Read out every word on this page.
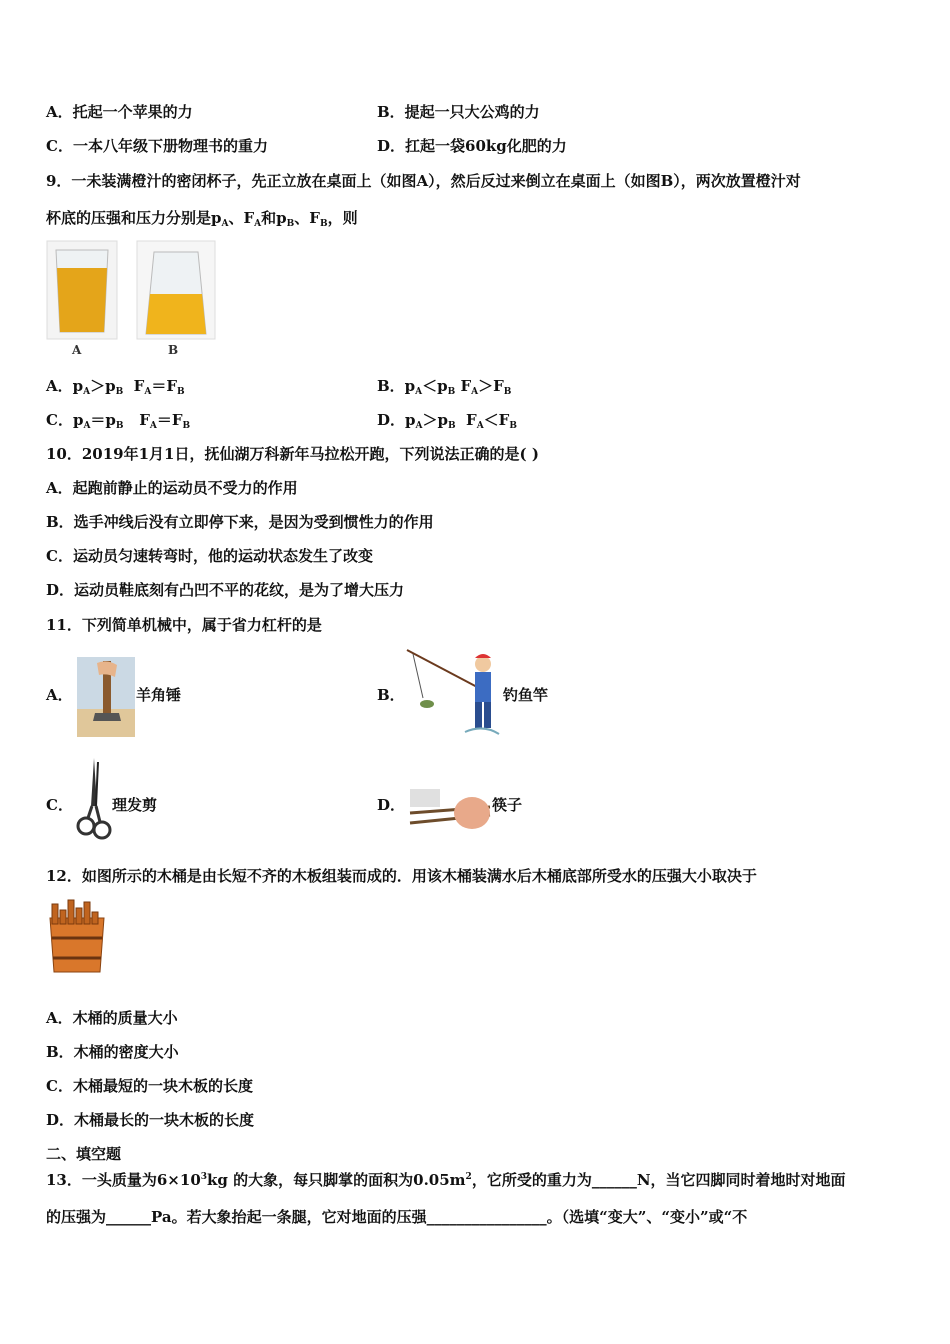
A．托起一个苹果的力	B．提起一只大公鸡的力
C．一本八年级下册物理书的重力	D．扛起一袋60kg化肥的力
9．一未装满橙汁的密闭杯子，先正立放在桌面上（如图A），然后反过来倒立在桌面上（如图B），两次放置橙汁对
杯底的压强和压力分别是$p_A$、$F_A$和$p_B$、$F_B$，则
A	B
A．$p_A>p_B$  $F_A=F_B$	B．$p_A<p_B$ $F_A>F_B$
C．$p_A=p_B$   $F_A=F_B$	D．$p_A>p_B$  $F_A<F_B$
10．2019年1月1日，抚仙湖万科新年马拉松开跑，下列说法正确的是( )
A．起跑前静止的运动员不受力的作用
B．选手冲线后没有立即停下来，是因为受到惯性力的作用
C．运动员匀速转弯时，他的运动状态发生了改变
D．运动员鞋底刻有凸凹不平的花纹，是为了增大压力
11．下列简单机械中，属于省力杠杆的是
A．	羊角锤	B．	钓鱼竿
C．	理发剪	D．	筷子
12．如图所示的木桶是由长短不齐的木板组装而成的．用该木桶装满水后木桶底部所受水的压强大小取决于
A．木桶的质量大小
B．木桶的密度大小
C．木桶最短的一块木板的长度
D．木桶最长的一块木板的长度
二、填空题
13．一头质量为$6\times 10^3kg$ 的大象，每只脚掌的面积为$0.05m^2$，它所受的重力为______N，当它四脚同时着地时对地面
的压强为______Pa。若大象抬起一条腿，它对地面的压强________________。（选填“变大”、“变小”或“不
